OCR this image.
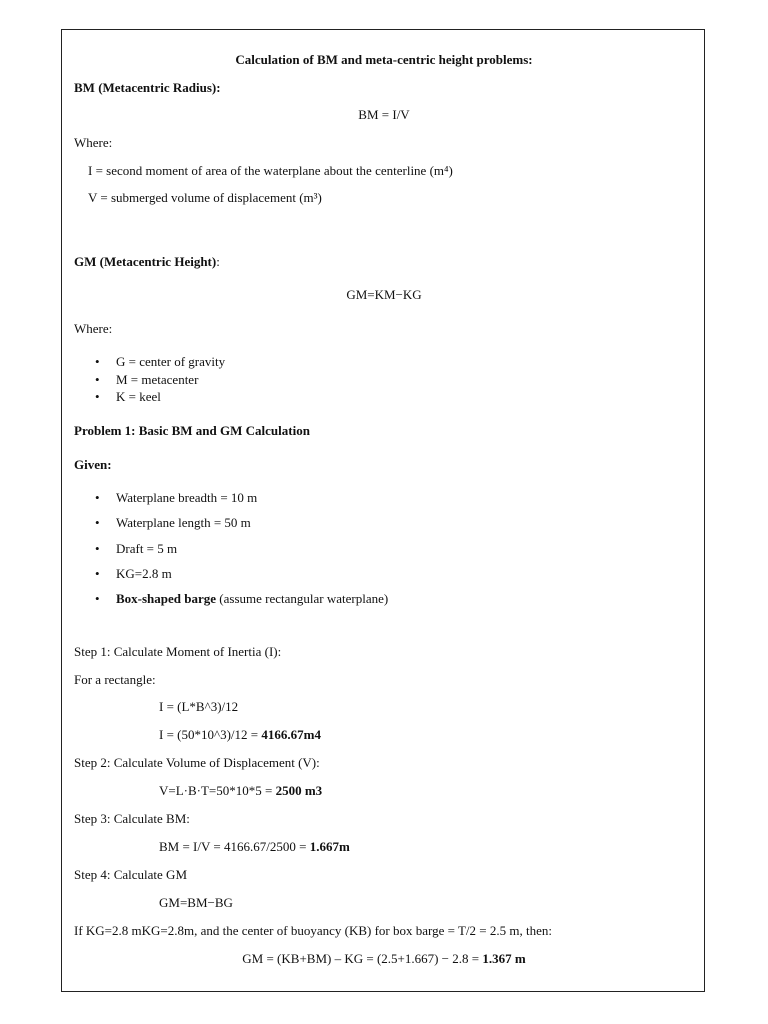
Calculation of BM and meta-centric height problems:
BM (Metacentric Radius):
BM = I/V
Where:
I = second moment of area of the waterplane about the centerline (m⁴)
V = submerged volume of displacement (m³)
GM (Metacentric Height):
GM=KM−KG
Where:
G = center of gravity
M = metacenter
K = keel
Problem 1: Basic BM and GM Calculation
Given:
Waterplane breadth = 10 m
Waterplane length = 50 m
Draft = 5 m
KG=2.8 m
Box-shaped barge (assume rectangular waterplane)
Step 1: Calculate Moment of Inertia (I):
For a rectangle:
I = (L*B^3)/12
I = (50*10^3)/12 = 4166.67m4
Step 2: Calculate Volume of Displacement (V):
V=L·B·T=50*10*5 = 2500 m3
Step 3: Calculate BM:
BM = I/V = 4166.67/2500 = 1.667m
Step 4: Calculate GM
GM=BM−BG
If KG=2.8 mKG=2.8m, and the center of buoyancy (KB) for box barge = T/2 = 2.5 m, then:
GM = (KB+BM) – KG = (2.5+1.667) − 2.8 = 1.367 m
